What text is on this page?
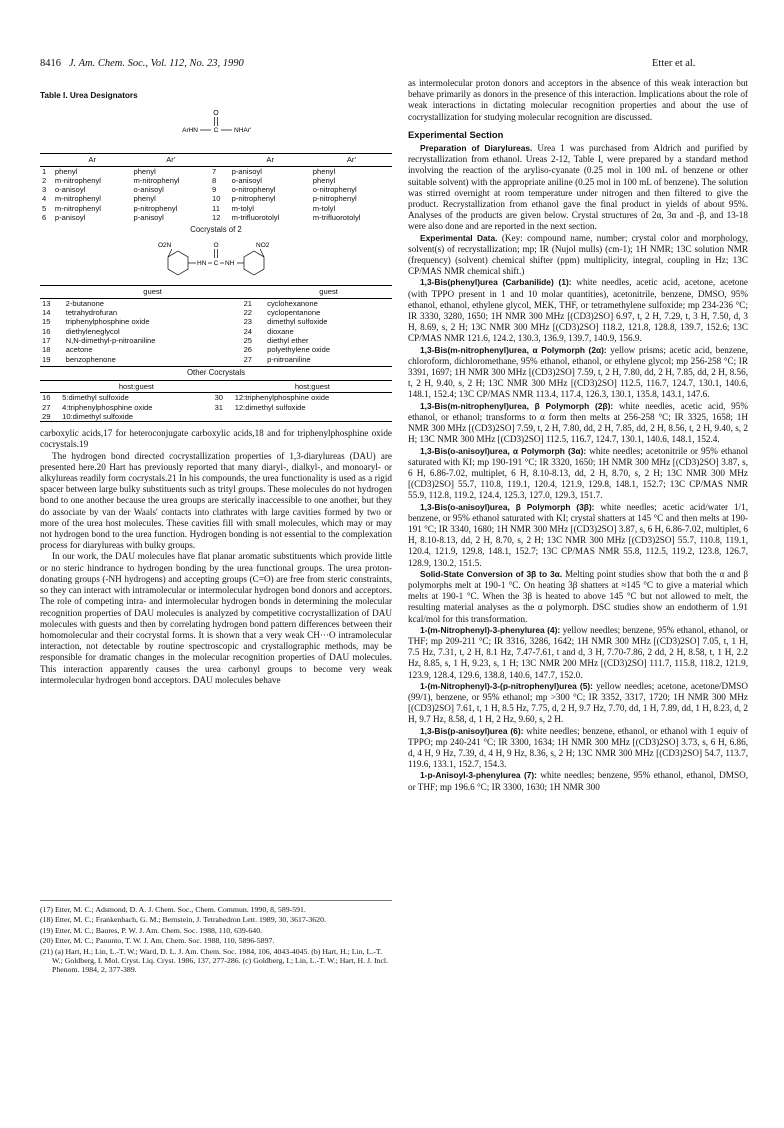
8416 J. Am. Chem. Soc., Vol. 112, No. 23, 1990	Etter et al.
Table I. Urea Designators
O
ArHN C NHAr'
	Ar	Ar'		Ar	Ar'
1	phenyl	phenyl	7	p-anisoyl	phenyl
2	m-nitrophenyl	m-nitrophenyl	8	o-anisoyl	phenyl
3	o-anisoyl	o-anisoyl	9	o-nitrophenyl	o-nitrophenyl
4	m-nitrophenyl	phenyl	10	p-nitrophenyl	p-nitrophenyl
5	m-nitrophenyl	p-nitrophenyl	11	m-tolyl	m-tolyl
6	p-anisoyl	p-anisoyl	12	m-trifluorotolyl	m-trifluorotolyl
Cocrystals of 2
O2N
HN C
O
NH
NO2
	guest		guest
13	2-butanone	21	cyclohexanone
14	tetrahydrofuran	22	cyclopentanone
15	triphenylphosphine oxide	23	dimethyl sulfoxide
16	diethyleneglycol	24	dioxane
17	N,N-dimethyl-p-nitroaniline	25	diethyl ether
18	acetone	26	polyethylene oxide
19	benzophenone	27	p-nitroaniline
Other Cocrystals
	host:guest		host:guest
16	5:dimethyl sulfoxide	30	12:triphenylphosphine oxide
27	4:triphenylphosphine oxide	31	12:dimethyl sulfoxide
29	10:dimethyl sulfoxide		

carboxylic acids,17 for heteroconjugate carboxylic acids,18 and for triphenylphosphine oxide cocrystals.19

The hydrogen bond directed cocrystallization properties of 1,3-diarylureas (DAU) are presented here.20 Hart has previously reported that many diaryl-, dialkyl-, and monoaryl- or alkylureas readily form cocrystals.21 In his compounds, the urea functionality is used as a rigid spacer between large bulky substituents such as trityl groups. These molecules do not hydrogen bond to one another because the urea groups are sterically inaccessible to one another, but they do associate by van der Waals' contacts into clathrates with large cavities formed by two or more of the urea host molecules. These cavities fill with small molecules, which may or may not hydrogen bond to the urea function. Hydrogen bonding is not essential to the complexation process for diarylureas with bulky groups.

In our work, the DAU molecules have flat planar aromatic substituents which provide little or no steric hindrance to hydrogen bonding by the urea functional groups. The urea proton-donating groups (-NH hydrogens) and accepting groups (C=O) are free from steric constraints, so they can interact with intramolecular or intermolecular hydrogen bond donors and acceptors. The role of competing intra- and intermolecular hydrogen bonds in determining the molecular recognition properties of DAU molecules is analyzed by competitive cocrystallization of DAU molecules with guests and then by correlating hydrogen bond pattern differences between their homomolecular and their cocrystal forms. It is shown that a very weak CH···O intramolecular interaction, not detectable by routine spectroscopic and crystallographic methods, may be responsible for dramatic changes in the molecular recognition properties of DAU molecules. This interaction apparently causes the urea carbonyl groups to become very weak intermolecular hydrogen bond acceptors. DAU molecules behave

(17) Etter, M. C.; Adsmond, D. A. J. Chem. Soc., Chem. Commun. 1990, 8, 589-591.
(18) Etter, M. C.; Frankenbach, G. M.; Bernstein, J. Tetrahedron Lett. 1989, 30, 3617-3620.
(19) Etter, M. C.; Baures, P. W. J. Am. Chem. Soc. 1988, 110, 639-640.
(20) Etter, M. C.; Panunto, T. W. J. Am. Chem. Soc. 1988, 110, 5896-5897.
(21) (a) Hart, H.; Lin, L.-T. W.; Ward, D. L. J. Am. Chem. Soc. 1984, 106, 4043-4045. (b) Hart, H.; Lin, L.-T. W.; Goldberg, I. Mol. Cryst. Liq. Cryst. 1986, 137, 277-286. (c) Goldberg, I.; Lin, L.-T. W.; Hart, H. J. Incl. Phenom. 1984, 2, 377-389.

as intermolecular proton donors and acceptors in the absence of this weak interaction but behave primarily as donors in the presence of this interaction. Implications about the role of weak interactions in dictating molecular recognition properties and about the use of cocrystallization for studying molecular recognition are discussed.

Experimental Section

Preparation of Diarylureas. Urea 1 was purchased from Aldrich and purified by recrystallization from ethanol. Ureas 2-12, Table I, were prepared by a standard method involving the reaction of the aryliso-cyanate (0.25 mol in 100 mL of benzene or other suitable solvent) with the appropriate aniline (0.25 mol in 100 mL of benzene). The solution was stirred overnight at room temperature under nitrogen and then filtered to give the product. Recrystallization from ethanol gave the final product in yields of about 95%. Analyses of the products are given below. Crystal structures of 2α, 3α and -β, and 13-18 were also done and are reported in the next section.

Experimental Data. (Key: compound name, number; crystal color and morphology, solvent(s) of recrystallization; mp; IR (Nujol mulls) (cm-1); 1H NMR; 13C solution NMR (frequency) (solvent) chemical shifter (ppm) multiplicity, integral, coupling in Hz; 13C CP/MAS NMR chemical shift.)

1,3-Bis(phenyl)urea (Carbanilide) (1): white needles, acetic acid, acetone, acetone (with TPPO present in 1 and 10 molar quantities), acetonitrile, benzene, DMSO, 95% ethanol, ethanol, ethylene glycol, MEK, THF, or tetramethylene sulfoxide; mp 234-236 °C; IR 3330, 3280, 1650; 1H NMR 300 MHz [(CD3)2SO] 6.97, t, 2 H, 7.29, t, 3 H, 7.50, d, 3 H, 8.69, s, 2 H; 13C NMR 300 MHz [(CD3)2SO] 118.2, 121.8, 128.8, 139.7, 152.6; 13C CP/MAS NMR 121.6, 124.2, 130.3, 136.9, 139.7, 140.9, 156.9.

1,3-Bis(m-nitrophenyl)urea, α Polymorph (2α): yellow prisms; acetic acid, benzene, chloroform, dichloromethane, 95% ethanol, ethanol, or ethylene glycol; mp 256-258 °C; IR 3391, 1697; 1H NMR 300 MHz [(CD3)2SO] 7.59, t, 2 H, 7.80, dd, 2 H, 7.85, dd, 2 H, 8.56, t, 2 H, 9.40, s, 2 H; 13C NMR 300 MHz [(CD3)2SO] 112.5, 116.7, 124.7, 130.1, 140.6, 148.1, 152.4; 13C CP/MAS NMR 113.4, 117.4, 126.3, 130.1, 135.8, 143.1, 147.6.

1,3-Bis(m-nitrophenyl)urea, β Polymorph (2β): white needles, acetic acid, 95% ethanol, or ethanol; transforms to α form then melts at 256-258 °C; IR 3325, 1658; 1H NMR 300 MHz [(CD3)2SO] 7.59, t, 2 H, 7.80, dd, 2 H, 7.85, dd, 2 H, 8.56, t, 2 H, 9.40, s, 2 H; 13C NMR 300 MHz [(CD3)2SO] 112.5, 116.7, 124.7, 130.1, 140.6, 148.1, 152.4.

1,3-Bis(o-anisoyl)urea, α Polymorph (3α): white needles; acetonitrile or 95% ethanol saturated with KI; mp 190-191 °C; IR 3320, 1650; 1H NMR 300 MHz [(CD3)2SO] 3.87, s, 6 H, 6.86-7.02, multiplet, 6 H, 8.10-8.13, dd, 2 H, 8.70, s, 2 H; 13C NMR 300 MHz [(CD3)2SO] 55.7, 110.8, 119.1, 120.4, 121.9, 129.8, 148.1, 152.7; 13C CP/MAS NMR 55.9, 112.8, 119.2, 124.4, 125.3, 127.0, 129.3, 151.7.

1,3-Bis(o-anisoyl)urea, β Polymorph (3β): white needles; acetic acid/water 1/1, benzene, or 95% ethanol saturated with KI; crystal shatters at 145 °C and then melts at 190-191 °C; IR 3340, 1680; 1H NMR 300 MHz [(CD3)2SO] 3.87, s, 6 H, 6.86-7.02, multiplet, 6 H, 8.10-8.13, dd, 2 H, 8.70, s, 2 H; 13C NMR 300 MHz [(CD3)2SO] 55.7, 110.8, 119.1, 120.4, 121.9, 129.8, 148.1, 152.7; 13C CP/MAS NMR 55.8, 112.5, 119.2, 123.8, 126.7, 128.9, 130.2, 151.5.

Solid-State Conversion of 3β to 3α. Melting point studies show that both the α and β polymorphs melt at 190-1 °C. On heating 3β shatters at ≈145 °C to give a material which melts at 190-1 °C. When the 3β is heated to above 145 °C but not allowed to melt, the resulting material analyses as the α polymorph. DSC studies show an endotherm of 1.91 kcal/mol for this transformation.

1-(m-Nitrophenyl)-3-phenylurea (4): yellow needles; benzene, 95% ethanol, ethanol, or THF; mp 209-211 °C; IR 3316, 3286, 1642; 1H NMR 300 MHz [(CD3)2SO] 7.05, t, 1 H, 7.5 Hz, 7.31, t, 2 H, 8.1 Hz, 7.47-7.61, t and d, 3 H, 7.70-7.86, 2 dd, 2 H, 8.58, t, 1 H, 2.2 Hz, 8.85, s, 1 H, 9.23, s, 1 H; 13C NMR 200 MHz [(CD3)2SO] 111.7, 115.8, 118.2, 121.9, 123.9, 128.4, 129.6, 138.8, 140.6, 147.7, 152.0.

1-(m-Nitrophenyl)-3-(p-nitrophenyl)urea (5): yellow needles; acetone, acetone/DMSO (99/1), benzene, or 95% ethanol; mp >300 °C; IR 3352, 3317, 1720; 1H NMR 300 MHz [(CD3)2SO] 7.61, t, 1 H, 8.5 Hz, 7.75, d, 2 H, 9.7 Hz, 7.70, dd, 1 H, 7.89, dd, 1 H, 8.23, d, 2 H, 9.7 Hz, 8.58, d, 1 H, 2 Hz, 9.60, s, 2 H.

1,3-Bis(p-anisoyl)urea (6): white needles; benzene, ethanol, or ethanol with 1 equiv of TPPO; mp 240-241 °C; IR 3300, 1634; 1H NMR 300 MHz [(CD3)2SO] 3.73, s, 6 H, 6.86, d, 4 H, 9 Hz, 7.39, d, 4 H, 9 Hz, 8.36, s, 2 H; 13C NMR 300 MHz [(CD3)2SO] 54.7, 113.7, 119.6, 133.1, 152.7, 154.3.

1-p-Anisoyl-3-phenylurea (7): white needles; benzene, 95% ethanol, ethanol, DMSO, or THF; mp 196.6 °C; IR 3300, 1630; 1H NMR 300
